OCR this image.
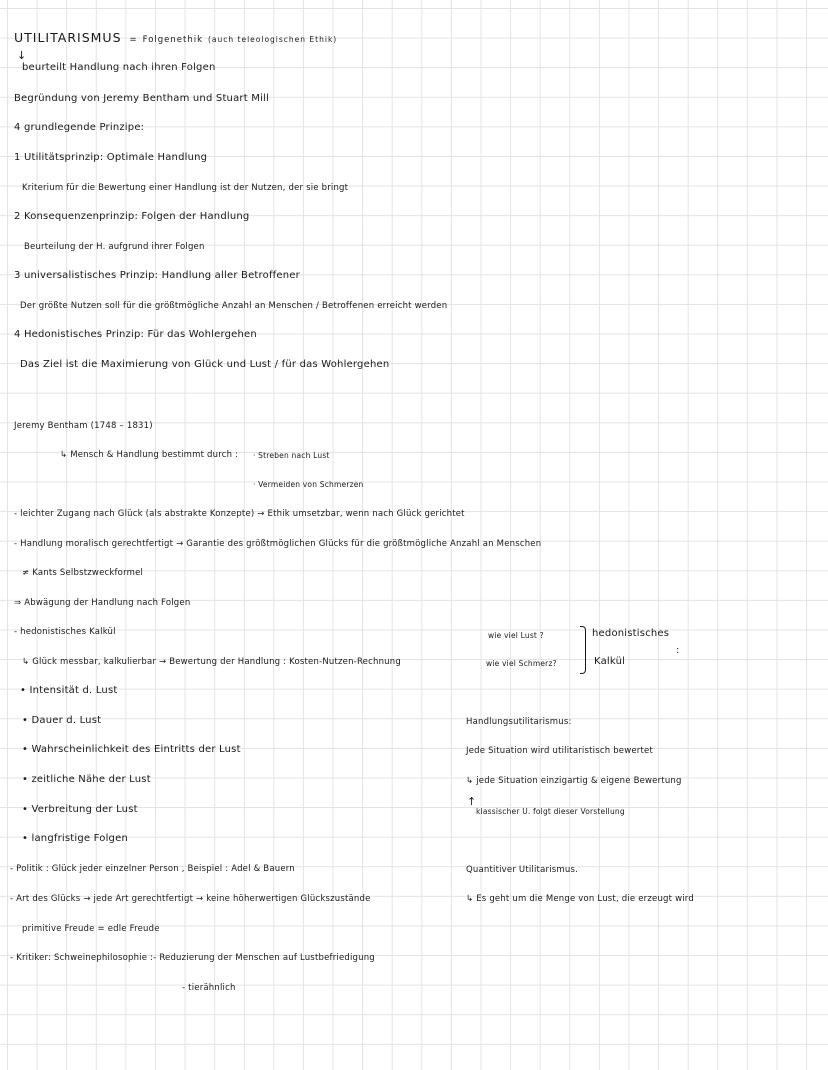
UTILITARISMUS = Folgenethik (auch teleologischen Ethik)
↓
beurteilt Handlung nach ihren Folgen
Begründung von Jeremy Bentham und Stuart Mill
4 grundlegende Prinzipe:
1 Utilitätsprinzip: Optimale Handlung
Kriterium für die Bewertung einer Handlung ist der Nutzen, der sie bringt
2 Konsequenzenprinzip: Folgen der Handlung
Beurteilung der H. aufgrund ihrer Folgen
3 universalistisches Prinzip: Handlung aller Betroffener
Der größte Nutzen soll für die größtmögliche Anzahl an Menschen / Betroffenen erreicht werden
4 Hedonistisches Prinzip: Für das Wohlergehen
Das Ziel ist die Maximierung von Glück und Lust / für das Wohlergehen
Jeremy Bentham (1748 – 1831)
↳ Mensch & Handlung bestimmt durch : · Streben nach Lust
· Vermeiden von Schmerzen
- leichter Zugang nach Glück (als abstrakte Konzepte) → Ethik umsetzbar, wenn nach Glück gerichtet
- Handlung moralisch gerechtfertigt → Garantie des größtmöglichen Glücks für die größtmögliche Anzahl an Menschen
≠ Kants Selbstzweckformel
⇒ Abwägung der Handlung nach Folgen
- hedonistisches Kalkül
↳ Glück messbar, kalkulierbar → Bewertung der Handlung : Kosten-Nutzen-Rechnung
wie viel Lust ?
wie viel Schmerz?
hedonistisches
Kalkül
:
• Intensität d. Lust
• Dauer d. Lust
• Wahrscheinlichkeit des Eintritts der Lust
• zeitliche Nähe der Lust
• Verbreitung der Lust
• langfristige Folgen
- Politik : Glück jeder einzelner Person , Beispiel : Adel & Bauern
- Art des Glücks → jede Art gerechtfertigt → keine höherwertigen Glückszustände
primitive Freude = edle Freude
- Kritiker: Schweinephilosophie :- Reduzierung der Menschen auf Lustbefriedigung
- tierähnlich
Handlungsutilitarismus:
Jede Situation wird utilitaristisch bewertet
↳ jede Situation einzigartig & eigene Bewertung
↑
klassischer U. folgt dieser Vorstellung
Quantitiver Utilitarismus.
↳ Es geht um die Menge von Lust, die erzeugt wird
